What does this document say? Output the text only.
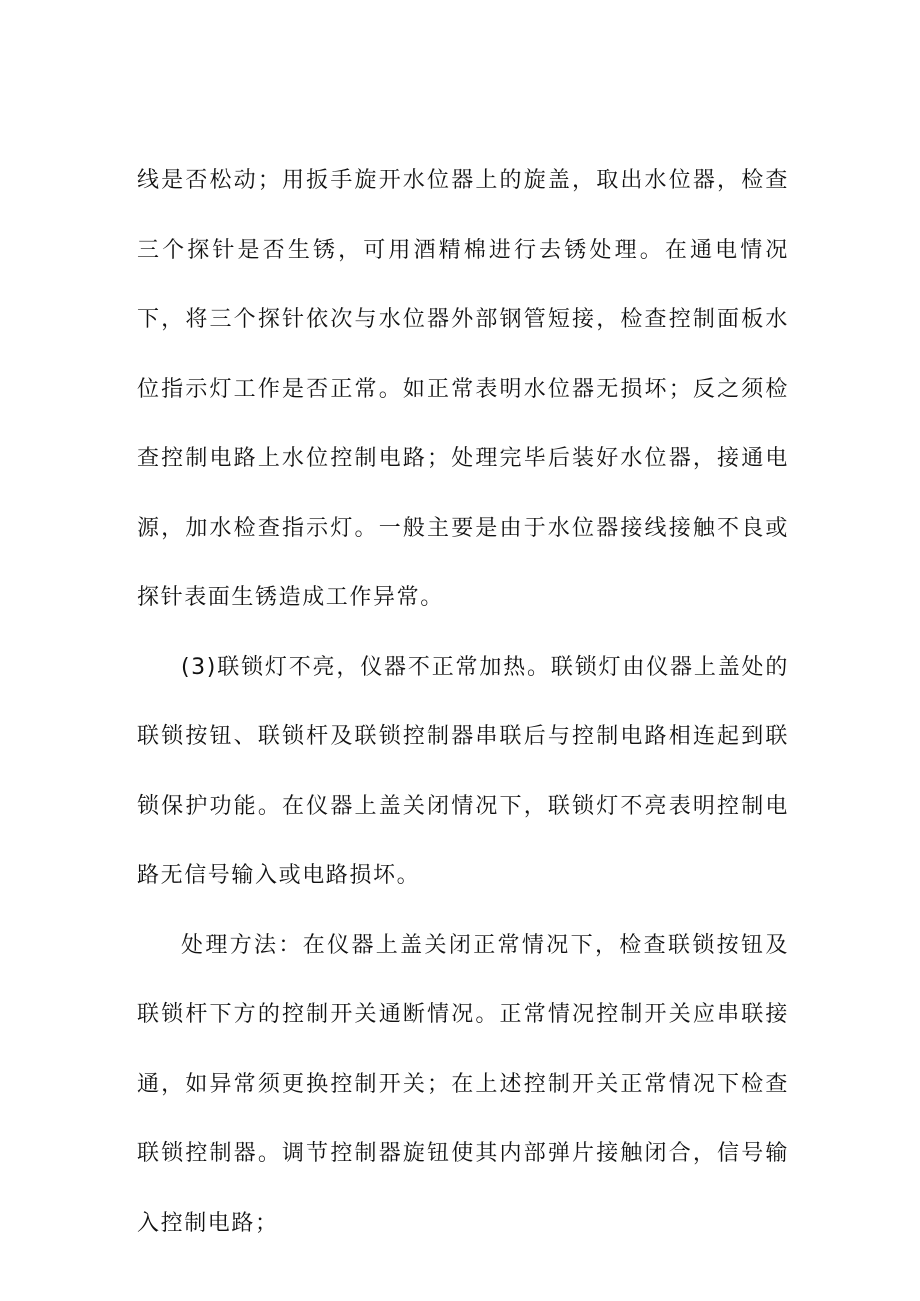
线是否松动；用扳手旋开水位器上的旋盖，取出水位器，检查三个探针是否生锈，可用酒精棉进行去锈处理。在通电情况下，将三个探针依次与水位器外部钢管短接，检查控制面板水位指示灯工作是否正常。如正常表明水位器无损坏；反之须检查控制电路上水位控制电路；处理完毕后装好水位器，接通电源，加水检查指示灯。一般主要是由于水位器接线接触不良或探针表面生锈造成工作异常。

(3)联锁灯不亮，仪器不正常加热。联锁灯由仪器上盖处的联锁按钮、联锁杆及联锁控制器串联后与控制电路相连起到联锁保护功能。在仪器上盖关闭情况下，联锁灯不亮表明控制电路无信号输入或电路损坏。

处理方法：在仪器上盖关闭正常情况下，检查联锁按钮及联锁杆下方的控制开关通断情况。正常情况控制开关应串联接通，如异常须更换控制开关；在上述控制开关正常情况下检查联锁控制器。调节控制器旋钮使其内部弹片接触闭合，信号输入控制电路；
